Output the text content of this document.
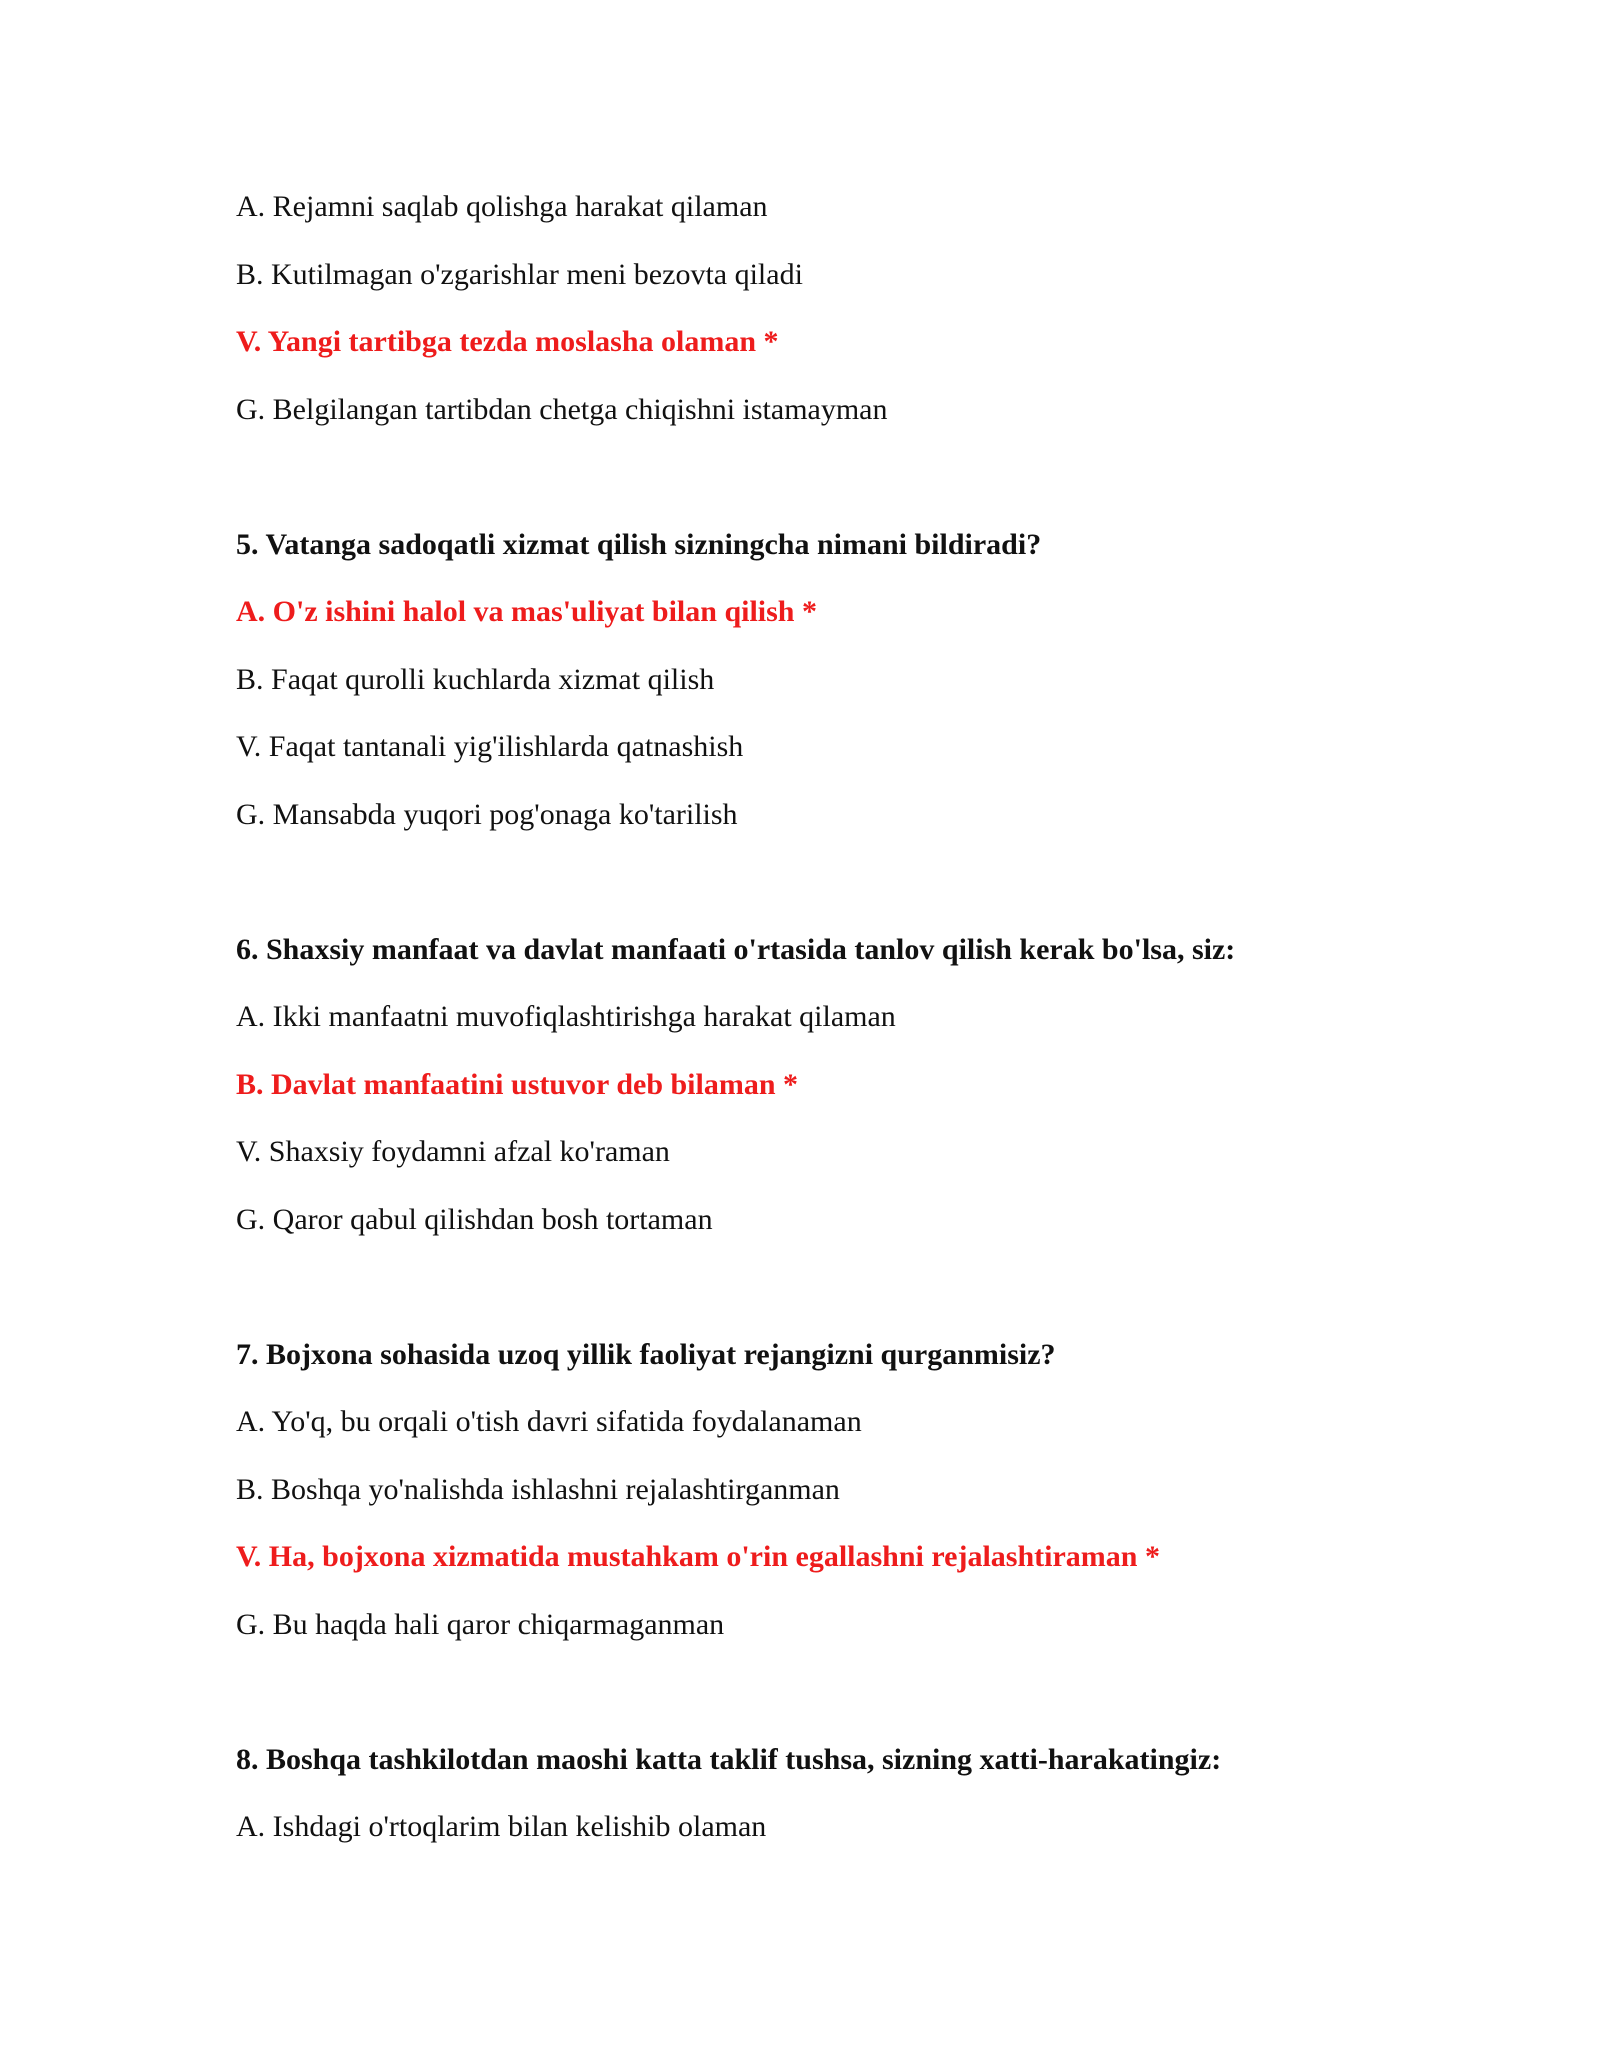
A. Rejamni saqlab qolishga harakat qilaman
B. Kutilmagan o'zgarishlar meni bezovta qiladi
V. Yangi tartibga tezda moslasha olaman *
G. Belgilangan tartibdan chetga chiqishni istamayman
5. Vatanga sadoqatli xizmat qilish sizningcha nimani bildiradi?
A. O'z ishini halol va mas'uliyat bilan qilish *
B. Faqat qurolli kuchlarda xizmat qilish
V. Faqat tantanali yig'ilishlarda qatnashish
G. Mansabda yuqori pog'onaga ko'tarilish
6. Shaxsiy manfaat va davlat manfaati o'rtasida tanlov qilish kerak bo'lsa, siz:
A. Ikki manfaatni muvofiqlashtirishga harakat qilaman
B. Davlat manfaatini ustuvor deb bilaman *
V. Shaxsiy foydamni afzal ko'raman
G. Qaror qabul qilishdan bosh tortaman
7. Bojxona sohasida uzoq yillik faoliyat rejangizni qurganmisiz?
A. Yo'q, bu orqali o'tish davri sifatida foydalanaman
B. Boshqa yo'nalishda ishlashni rejalashtirganman
V. Ha, bojxona xizmatida mustahkam o'rin egallashni rejalashtiraman *
G. Bu haqda hali qaror chiqarmaganman
8. Boshqa tashkilotdan maoshi katta taklif tushsa, sizning xatti-harakatingiz:
A. Ishdagi o'rtoqlarim bilan kelishib olaman
